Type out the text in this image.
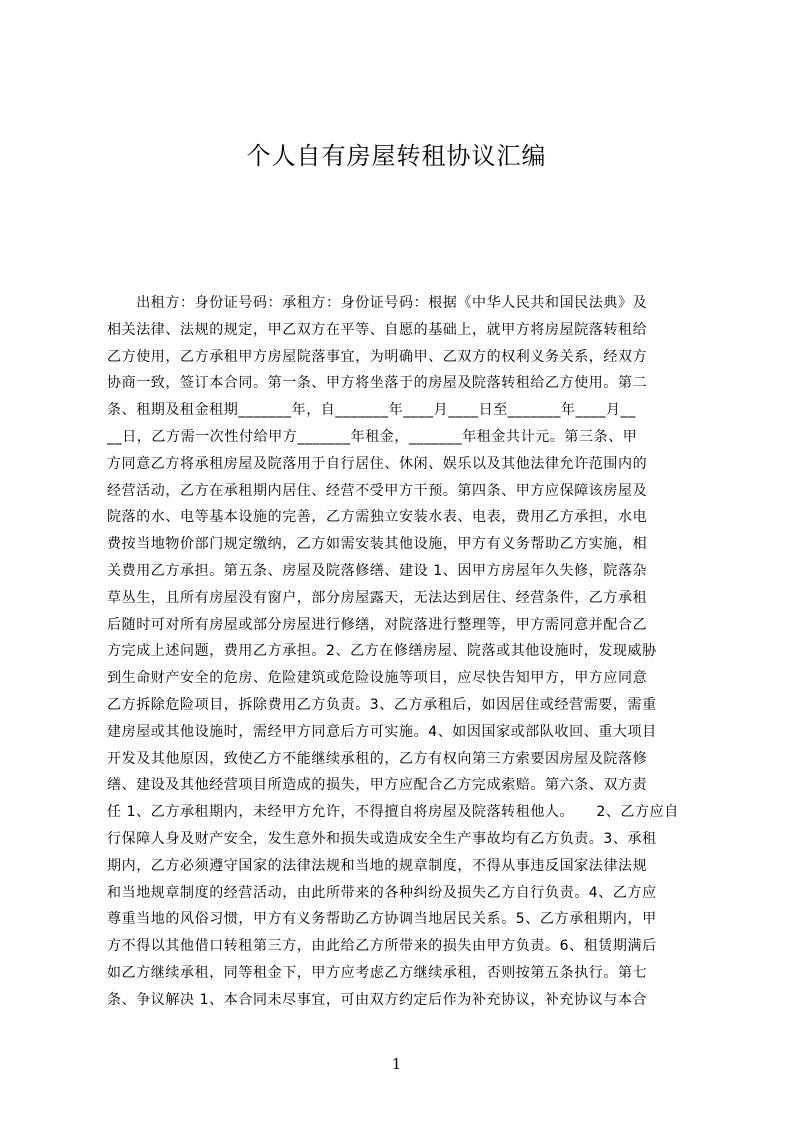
个人自有房屋转租协议汇编
　　出租方：身份证号码：承租方：身份证号码：根据《中华人民共和国民法典》及
相关法律、法规的规定，甲乙双方在平等、自愿的基础上，就甲方将房屋院落转租给
乙方使用，乙方承租甲方房屋院落事宜，为明确甲、乙双方的权利义务关系，经双方
协商一致，签订本合同。第一条、甲方将坐落于的房屋及院落转租给乙方使用。第二
条、租期及租金租期_______年，自_______年____月____日至_______年____月__
__日，乙方需一次性付给甲方_______年租金，_______年租金共计元。第三条、甲
方同意乙方将承租房屋及院落用于自行居住、休闲、娱乐以及其他法律允许范围内的
经营活动，乙方在承租期内居住、经营不受甲方干预。第四条、甲方应保障该房屋及
院落的水、电等基本设施的完善，乙方需独立安装水表、电表，费用乙方承担，水电
费按当地物价部门规定缴纳，乙方如需安装其他设施，甲方有义务帮助乙方实施，相
关费用乙方承担。第五条、房屋及院落修缮、建设 1、因甲方房屋年久失修，院落杂
草丛生，且所有房屋没有窗户，部分房屋露天，无法达到居住、经营条件，乙方承租
后随时可对所有房屋或部分房屋进行修缮，对院落进行整理等，甲方需同意并配合乙
方完成上述问题，费用乙方承担。2、乙方在修缮房屋、院落或其他设施时，发现威胁
到生命财产安全的危房、危险建筑或危险设施等项目，应尽快告知甲方，甲方应同意
乙方拆除危险项目，拆除费用乙方负责。3、乙方承租后，如因居住或经营需要，需重
建房屋或其他设施时，需经甲方同意后方可实施。4、如因国家或部队收回、重大项目
开发及其他原因，致使乙方不能继续承租的，乙方有权向第三方索要因房屋及院落修
缮、建设及其他经营项目所造成的损失，甲方应配合乙方完成索赔。第六条、双方责
任 1、乙方承租期内，未经甲方允许，不得擅自将房屋及院落转租他人。　　2、乙方应自
行保障人身及财产安全，发生意外和损失或造成安全生产事故均有乙方负责。3、承租
期内，乙方必须遵守国家的法律法规和当地的规章制度，不得从事违反国家法律法规
和当地规章制度的经营活动，由此所带来的各种纠纷及损失乙方自行负责。4、乙方应
尊重当地的风俗习惯，甲方有义务帮助乙方协调当地居民关系。5、乙方承租期内，甲
方不得以其他借口转租第三方，由此给乙方所带来的损失由甲方负责。6、租赁期满后
如乙方继续承租，同等租金下，甲方应考虑乙方继续承租，否则按第五条执行。第七
条、争议解决 1、本合同未尽事宜，可由双方约定后作为补充协议，补充协议与本合
1
